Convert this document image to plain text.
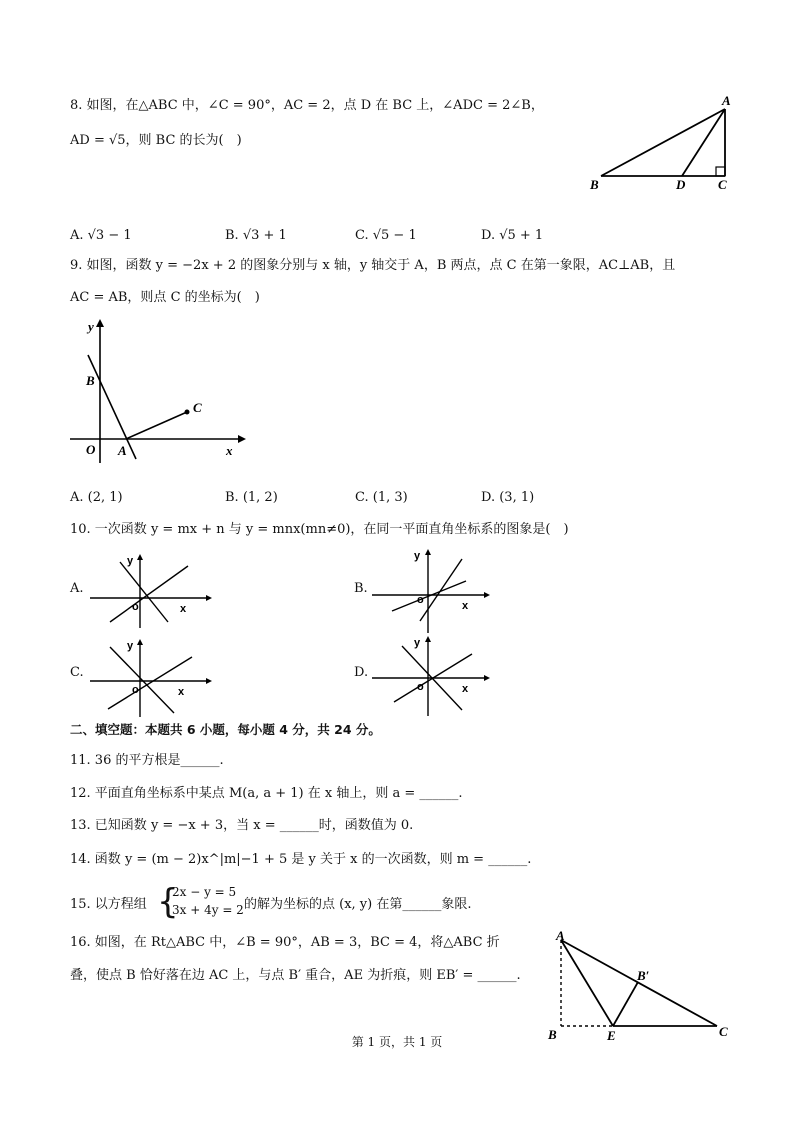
8. 如图，在△ABC 中，∠C = 90°，AC = 2，点 D 在 BC 上，∠ADC = 2∠B，
AD = √5，则 BC 的长为(　)
A
B	D	C
A. √3 − 1	B. √3 + 1	C. √5 − 1	D. √5 + 1
9. 如图，函数 y = −2x + 2 的图象分别与 x 轴，y 轴交于 A，B 两点，点 C 在第一象限，AC⊥AB，且
AC = AB，则点 C 的坐标为(　)
y
B
C
O A	x
A. (2, 1)	B. (1, 2)	C. (1, 3)	D. (3, 1)
10. 一次函数 y = mx + n 与 y = mnx(mn≠0)，在同一平面直角坐标系的图象是(　)
A.
y
o	x
B.
y
o	x
C.
y
o	x
D.
y
o	x
二、填空题：本题共 6 小题，每小题 4 分，共 24 分。
11. 36 的平方根是______.
12. 平面直角坐标系中某点 M(a, a + 1) 在 x 轴上，则 a = ______.
13. 已知函数 y = −x + 3，当 x = ______时，函数值为 0.
14. 函数 y = (m − 2)x^|m|−1 + 5 是 y 关于 x 的一次函数，则 m = ______.
15. 以方程组 {
2x − y = 5
3x + 4y = 2 的解为坐标的点 (x, y) 在第______象限.
16. 如图，在 Rt△ABC 中，∠B = 90°，AB = 3，BC = 4，将△ABC 折
叠，使点 B 恰好落在边 AC 上，与点 B′ 重合，AE 为折痕，则 EB′ = ______.
A
B′
B	E	C
第 1 页，共 1 页
